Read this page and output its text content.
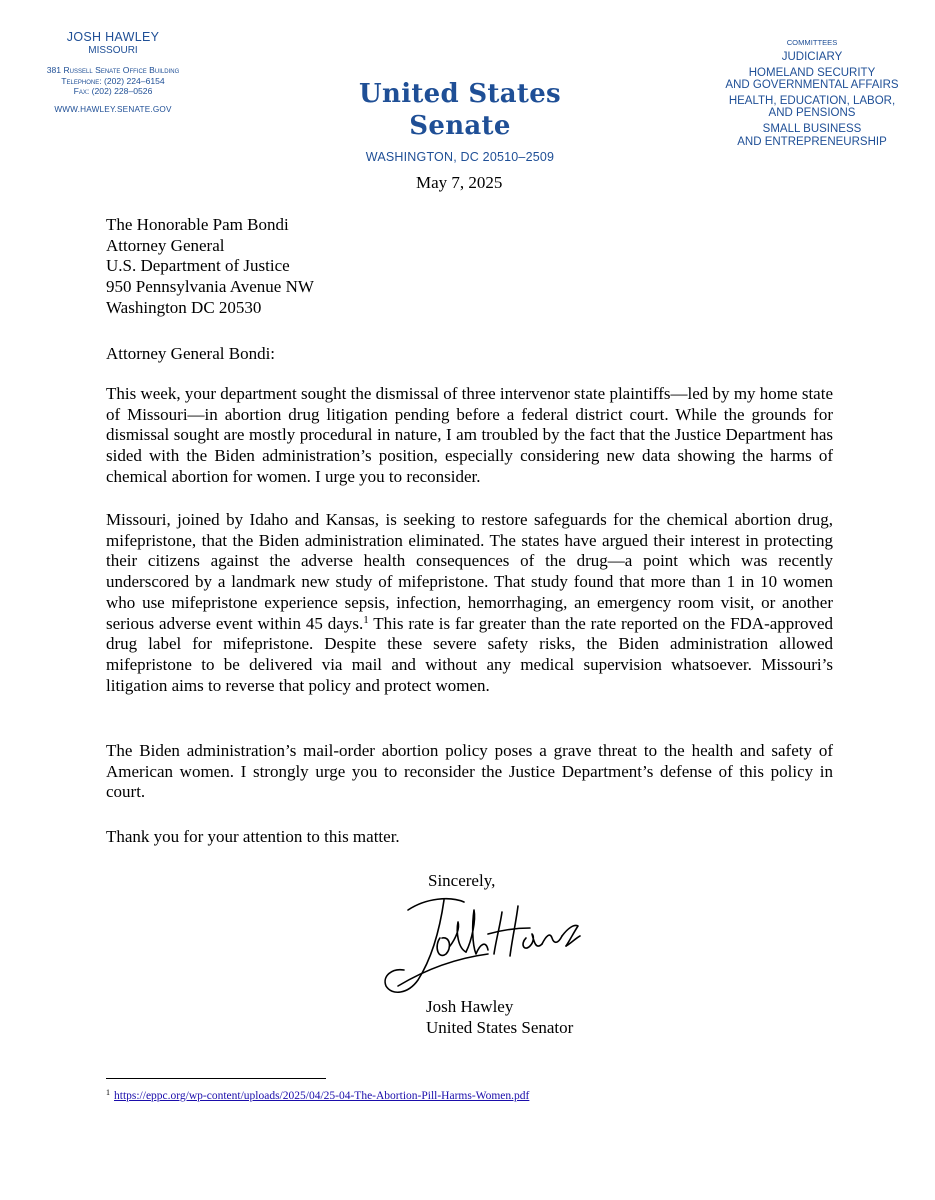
JOSH HAWLEY
MISSOURI
381 Russell Senate Office Building
Telephone: (202) 224–6154
Fax: (202) 228–0526
WWW.HAWLEY.SENATE.GOV	United States Senate
WASHINGTON, DC 20510–2509
COMMITTEES
JUDICIARY
HOMELAND SECURITY
AND GOVERNMENTAL AFFAIRS
HEALTH, EDUCATION, LABOR,
AND PENSIONS
SMALL BUSINESS
AND ENTREPRENEURSHIP
May 7, 2025
The Honorable Pam Bondi
Attorney General
U.S. Department of Justice
950 Pennsylvania Avenue NW
Washington DC 20530
Attorney General Bondi:
This week, your department sought the dismissal of three intervenor state plaintiffs—led by my home state of Missouri—in abortion drug litigation pending before a federal district court. While the grounds for dismissal sought are mostly procedural in nature, I am troubled by the fact that the Justice Department has sided with the Biden administration’s position, especially considering new data showing the harms of chemical abortion for women. I urge you to reconsider.
Missouri, joined by Idaho and Kansas, is seeking to restore safeguards for the chemical abortion drug, mifepristone, that the Biden administration eliminated. The states have argued their interest in protecting their citizens against the adverse health consequences of the drug—a point which was recently underscored by a landmark new study of mifepristone. That study found that more than 1 in 10 women who use mifepristone experience sepsis, infection, hemorrhaging, an emergency room visit, or another serious adverse event within 45 days.$^1$ This rate is far greater than the rate reported on the FDA-approved drug label for mifepristone. Despite these severe safety risks, the Biden administration allowed mifepristone to be delivered via mail and without any medical supervision whatsoever. Missouri’s litigation aims to reverse that policy and protect women.
The Biden administration’s mail-order abortion policy poses a grave threat to the health and safety of American women. I strongly urge you to reconsider the Justice Department’s defense of this policy in court.
Thank you for your attention to this matter.
Sincerely,
Josh Hawley
United States Senator
$^1$ https://eppc.org/wp-content/uploads/2025/04/25-04-The-Abortion-Pill-Harms-Women.pdf
